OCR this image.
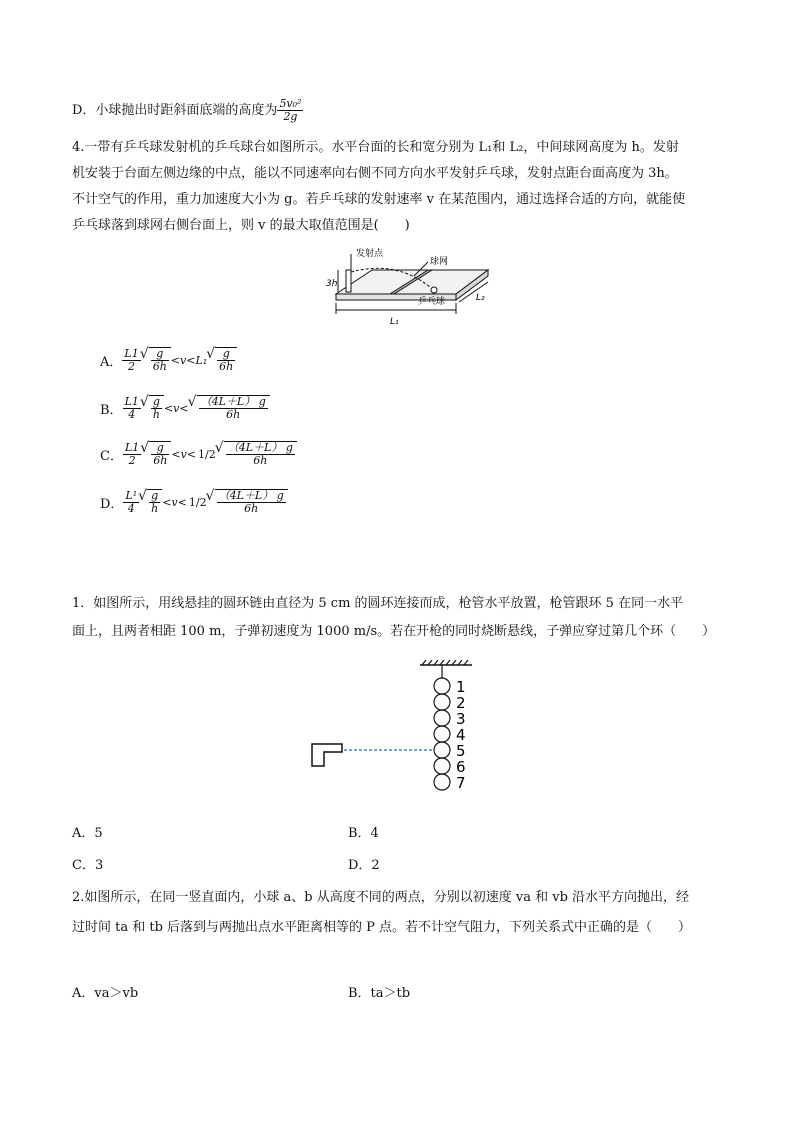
D．小球抛出时距斜面底端的高度为 $\frac{\text{5v₀²}}{2g}$
4.一带有乒乓球发射机的乒乓球台如图所示。水平台面的长和宽分别为 L₁和 L₂，中间球网高度为 h。发射
机安装于台面左侧边缘的中点，能以不同速率向右侧不同方向水平发射乒乓球，发射点距台面高度为 3h。
不计空气的作用，重力加速度大小为 g。若乒乓球的发射速率 v 在某范围内，通过选择合适的方向，就能使
乒乓球落到球网右侧台面上，则 v 的最大取值范围是(　　)
发射点
球网
乒乓球
3h
L₁
L₂
A． $\frac{L1}{2}$ √ $\frac{g}{6h} <v<L_1$ √ $\frac{g}{6h}$
B． $\frac{L1}{4}$ √ $\frac{g}{h} <v<$ √ $\frac{(4L+L) g}{6h}$
C． $\frac{L1}{2}$ √ $\frac{g}{6h} <v< 1/2$ √ $\frac{(4L+L) g}{6h}$
D． $\frac{\text{L¹}}{4}$ √ $\frac{g}{h} <v< 1/2$ √ $\frac{(4L+L) g}{6h}$
1．如图所示，用线悬挂的圆环链由直径为 5 cm 的圆环连接而成，枪管水平放置，枪管跟环 5 在同一水平
面上，且两者相距 100 m，子弹初速度为 1000 m/s。若在开枪的同时烧断悬线，子弹应穿过第几个环（　　）
1
2
3
4
5
6
7
A．5	B．4
C．3	D．2
2.如图所示，在同一竖直面内，小球 a、b 从高度不同的两点，分别以初速度 va 和 vb 沿水平方向抛出，经
过时间 ta 和 tb 后落到与两抛出点水平距离相等的 P 点。若不计空气阻力，下列关系式中正确的是（　　）
A．va＞vb	B．ta＞tb
